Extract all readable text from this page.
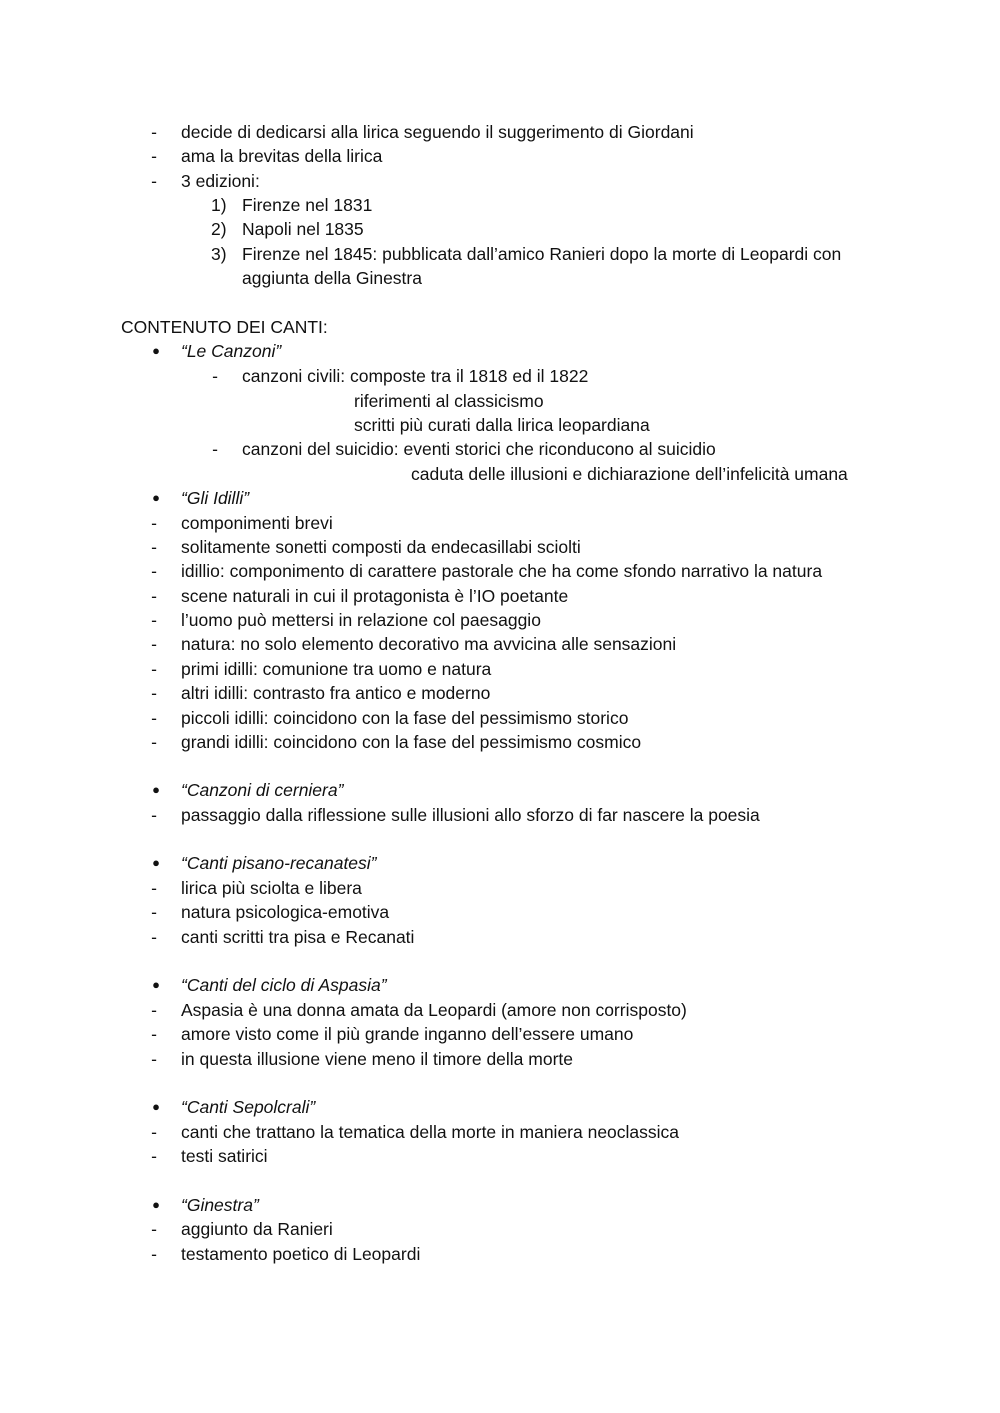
-	decide di dedicarsi alla lirica seguendo il suggerimento di Giordani
-	ama la brevitas della lirica
-	3 edizioni:
1) Firenze nel 1831
2) Napoli nel 1835
3) Firenze nel 1845: pubblicata dall’amico Ranieri dopo la morte di Leopardi con
aggiunta della Ginestra
CONTENUTO DEI CANTI:
●	“Le Canzoni”
-	canzoni civili: composte tra il 1818 ed il 1822
riferimenti al classicismo
scritti più curati dalla lirica leopardiana
-	canzoni del suicidio: eventi storici che riconducono al suicidio
caduta delle illusioni e dichiarazione dell’infelicità umana
●	“Gli Idilli”
-	componimenti brevi
-	solitamente sonetti composti da endecasillabi sciolti
-	idillio: componimento di carattere pastorale che ha come sfondo narrativo la natura
-	scene naturali in cui il protagonista è l’IO poetante
-	l’uomo può mettersi in relazione col paesaggio
-	natura: no solo elemento decorativo ma avvicina alle sensazioni
-	primi idilli: comunione tra uomo e natura
-	altri idilli: contrasto fra antico e moderno
-	piccoli idilli: coincidono con la fase del pessimismo storico
-	grandi idilli: coincidono con la fase del pessimismo cosmico
●	“Canzoni di cerniera”
-	passaggio dalla riflessione sulle illusioni allo sforzo di far nascere la poesia
●	“Canti pisano-recanatesi”
-	lirica più sciolta e libera
-	natura psicologica-emotiva
-	canti scritti tra pisa e Recanati
●	“Canti del ciclo di Aspasia”
-	Aspasia è una donna amata da Leopardi (amore non corrisposto)
-	amore visto come il più grande inganno dell’essere umano
-	in questa illusione viene meno il timore della morte
●	“Canti Sepolcrali”
-	canti che trattano la tematica della morte in maniera neoclassica
-	testi satirici
●	“Ginestra”
-	aggiunto da Ranieri
-	testamento poetico di Leopardi
